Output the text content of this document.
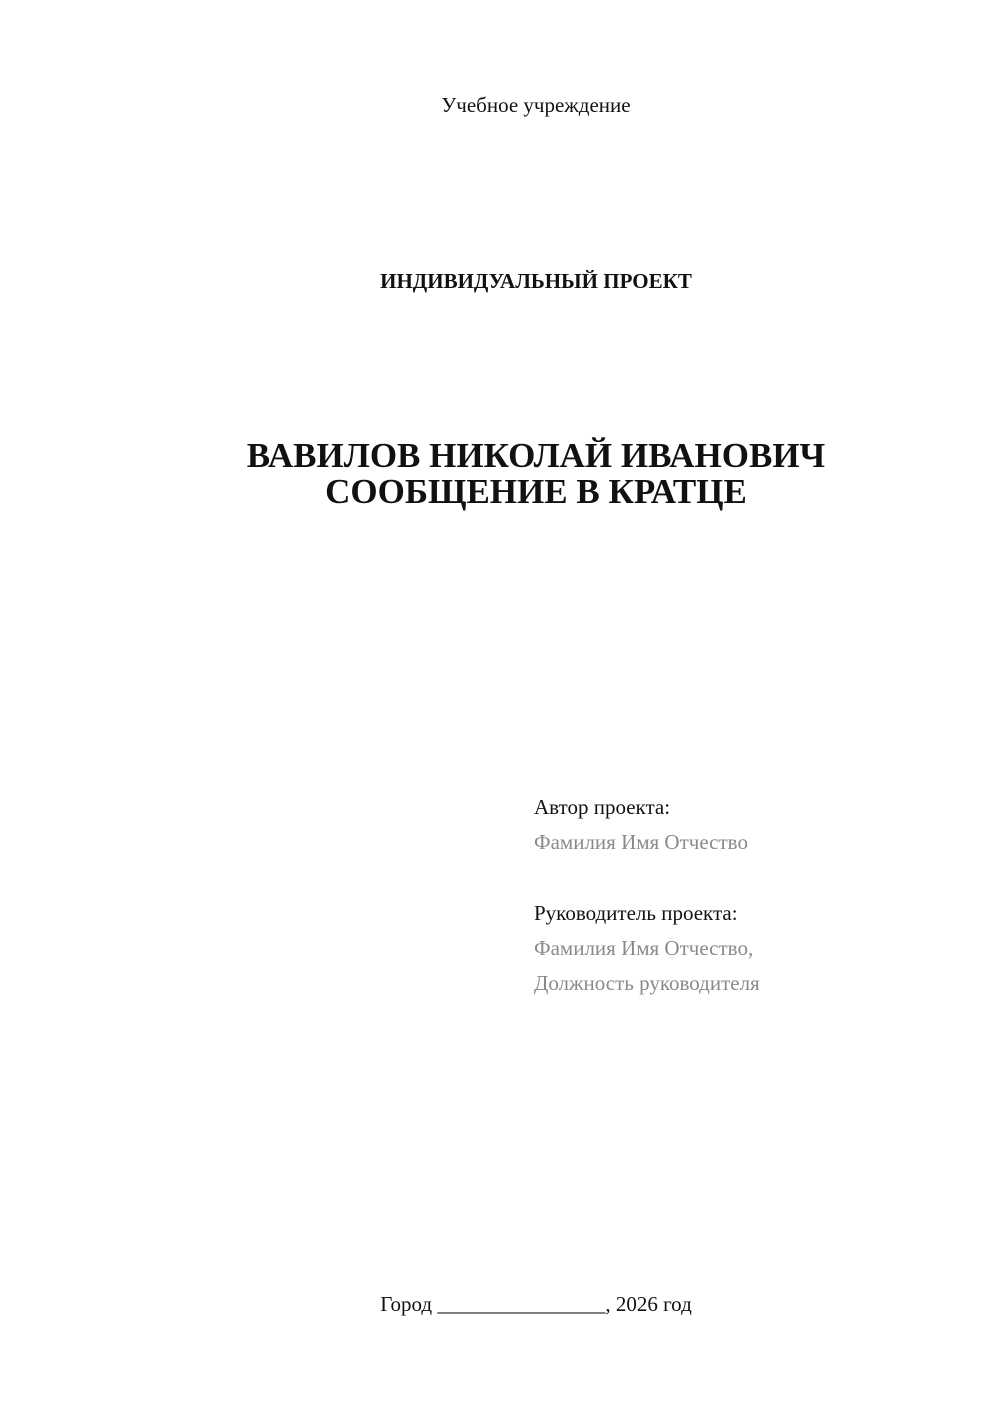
Учебное учреждение
ИНДИВИДУАЛЬНЫЙ ПРОЕКТ
ВАВИЛОВ НИКОЛАЙ ИВАНОВИЧ
СООБЩЕНИЕ В КРАТЦЕ
Автор проекта:
Фамилия Имя Отчество
Руководитель проекта:
Фамилия Имя Отчество,
Должность руководителя
Город ________________, 2026 год
